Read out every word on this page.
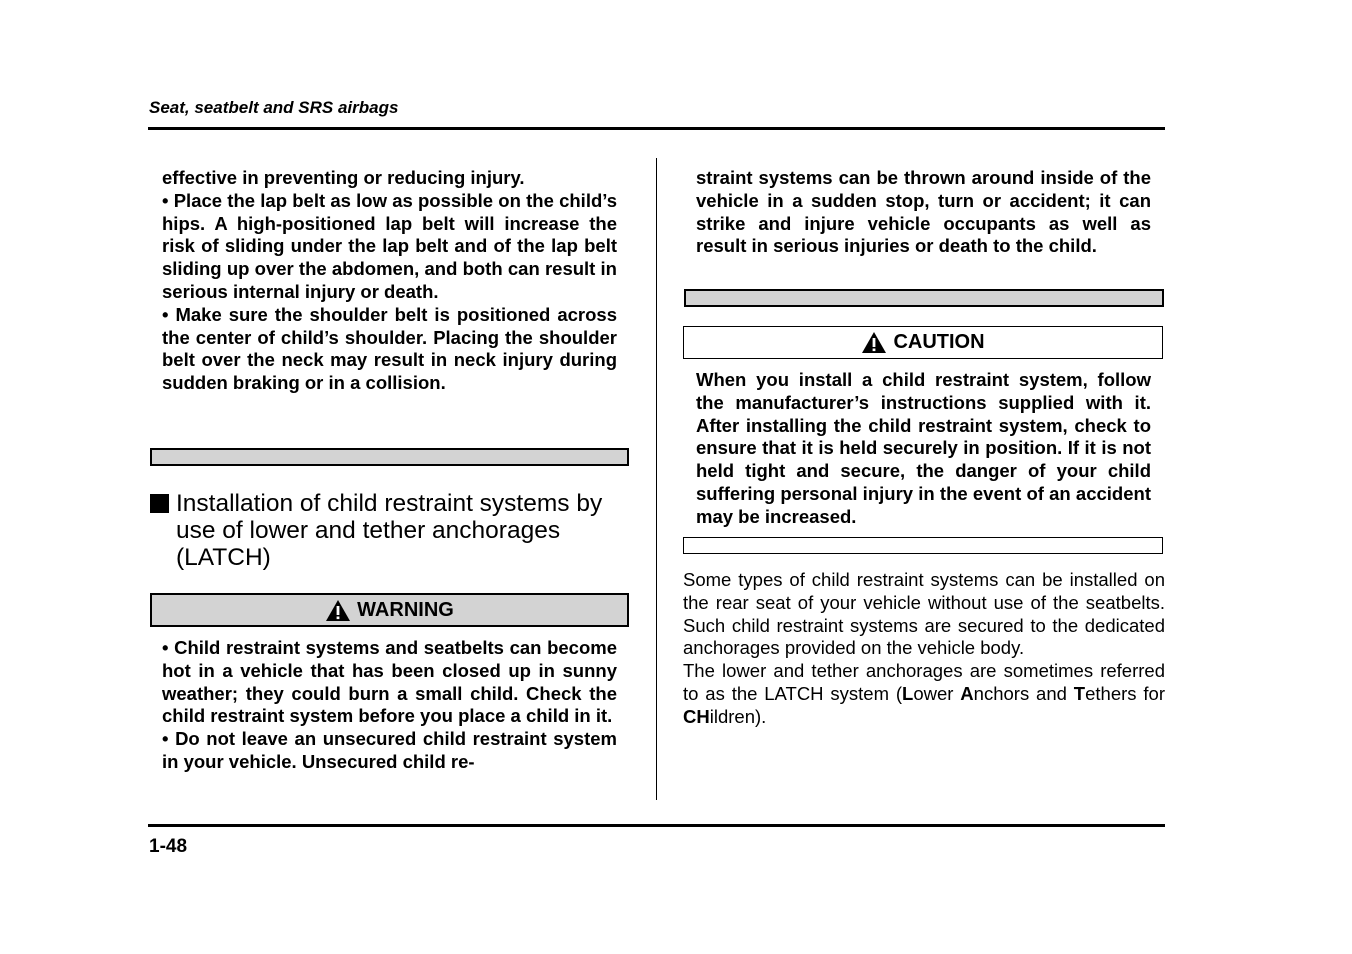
Seat, seatbelt and SRS airbags

effective in preventing or reducing injury.

• Place the lap belt as low as possible on the child’s hips. A high-positioned lap belt will increase the risk of sliding under the lap belt and of the lap belt sliding up over the abdomen, and both can result in serious internal injury or death.

• Make sure the shoulder belt is positioned across the center of child’s shoulder. Placing the shoulder belt over the neck may result in neck injury during sudden braking or in a collision.

Installation of child restraint systems by use of lower and tether anchorages (LATCH)
WARNING

• Child restraint systems and seatbelts can become hot in a vehicle that has been closed up in sunny weather; they could burn a small child. Check the child restraint system before you place a child in it.

• Do not leave an unsecured child restraint system in your vehicle. Unsecured child re-

straint systems can be thrown around inside of the vehicle in a sudden stop, turn or accident; it can strike and injure vehicle occupants as well as result in serious injuries or death to the child.

CAUTION

When you install a child restraint system, follow the manufacturer’s instructions supplied with it. After installing the child restraint system, check to ensure that it is held securely in position. If it is not held tight and secure, the danger of your child suffering personal injury in the event of an accident may be increased.

Some types of child restraint systems can be installed on the rear seat of your vehicle without use of the seatbelts. Such child restraint systems are secured to the dedicated anchorages provided on the vehicle body.

The lower and tether anchorages are sometimes referred to as the LATCH system (Lower Anchors and Tethers for CHildren).

1-48
